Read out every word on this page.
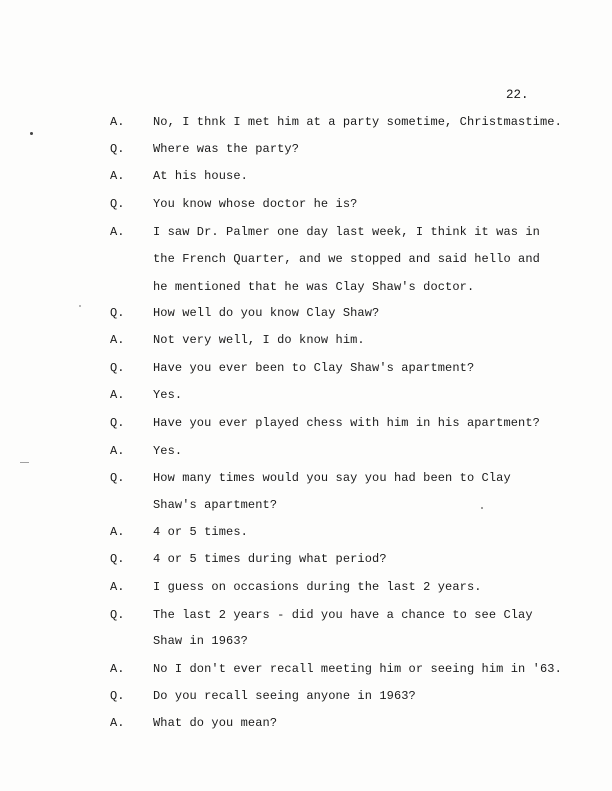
22.
A. No, I thnk I met him at a party sometime, Christmastime.
Q. Where was the party?
A. At his house.
Q. You know whose doctor he is?
A. I saw Dr. Palmer one day last week, I think it was in
the French Quarter, and we stopped and said hello and
he mentioned that he was Clay Shaw's doctor.
Q. How well do you know Clay Shaw?
A. Not very well, I do know him.
Q. Have you ever been to Clay Shaw's apartment?
A. Yes.
Q. Have you ever played chess with him in his apartment?
A. Yes.
Q. How many times would you say you had been to Clay
Shaw's apartment?
A. 4 or 5 times.
Q. 4 or 5 times during what period?
A. I guess on occasions during the last 2 years.
Q. The last 2 years - did you have a chance to see Clay
Shaw in 1963?
A. No I don't ever recall meeting him or seeing him in '63.
Q. Do you recall seeing anyone in 1963?
A. What do you mean?
